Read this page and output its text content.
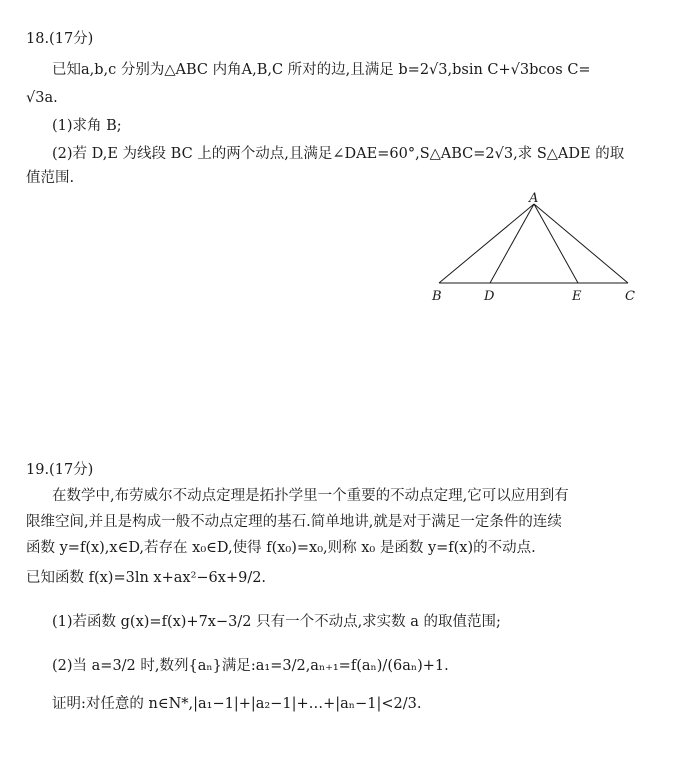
18.(17分)
已知a,b,c 分别为△ABC 内角A,B,C 所对的边,且满足 b=2√3,bsin C+√3bcos C=
√3a.
(1)求角 B;
(2)若 D,E 为线段 BC 上的两个动点,且满足∠DAE=60°,S△ABC=2√3,求 S△ADE 的取
值范围.
A
B	D	E	C
19.(17分)
在数学中,布劳威尔不动点定理是拓扑学里一个重要的不动点定理,它可以应用到有
限维空间,并且是构成一般不动点定理的基石.简单地讲,就是对于满足一定条件的连续
函数 y=f(x),x∈D,若存在 x₀∈D,使得 f(x₀)=x₀,则称 x₀ 是函数 y=f(x)的不动点.
已知函数 f(x)=3ln x+ax²−6x+9/2.
(1)若函数 g(x)=f(x)+7x−3/2 只有一个不动点,求实数 a 的取值范围;
(2)当 a=3/2 时,数列{aₙ}满足:a₁=3/2,aₙ₊₁=f(aₙ)/(6aₙ)+1.
证明:对任意的 n∈N*,|a₁−1|+|a₂−1|+…+|aₙ−1|<2/3.
